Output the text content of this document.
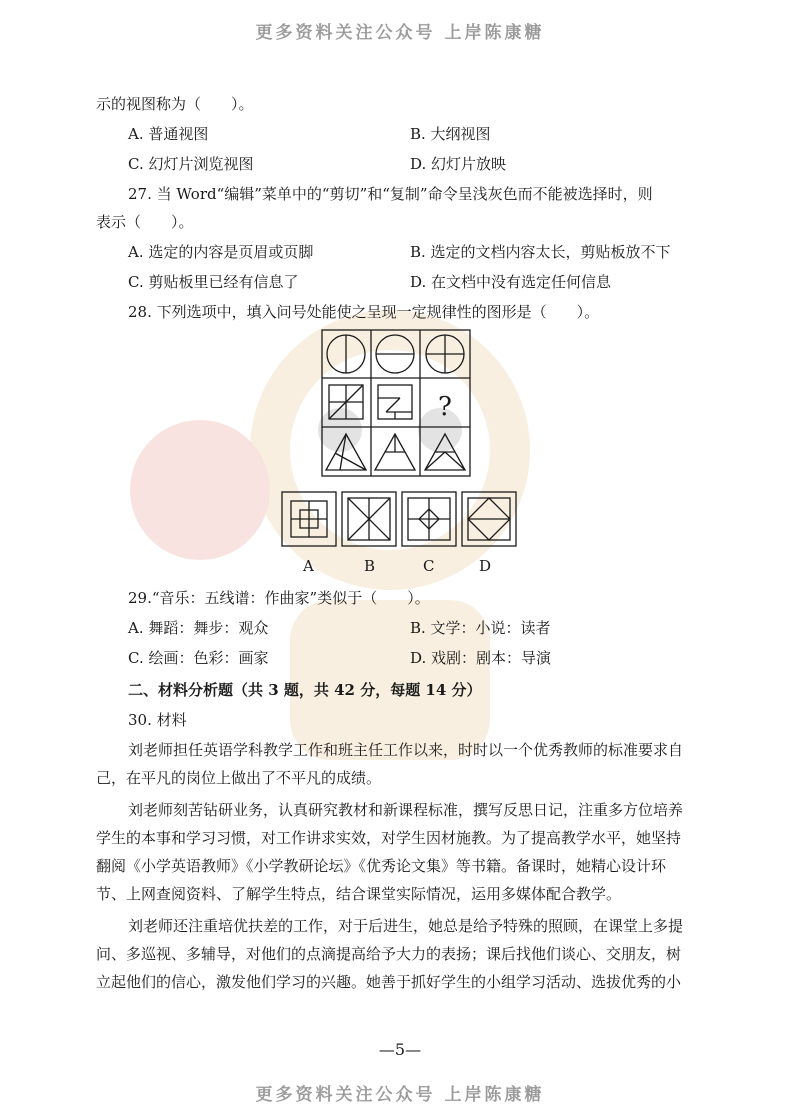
更多资料关注公众号 上岸陈康糖
示的视图称为（　　）。
A. 普通视图	B. 大纲视图
C. 幻灯片浏览视图	D. 幻灯片放映
27. 当 Word“编辑”菜单中的“剪切”和“复制”命令呈浅灰色而不能被选择时，则
表示（　　）。
A. 选定的内容是页眉或页脚	B. 选定的文档内容太长，剪贴板放不下
C. 剪贴板里已经有信息了	D. 在文档中没有选定任何信息
28. 下列选项中，填入问号处能使之呈现一定规律性的图形是（　　）。
?
A	B	C	D
29.“音乐：五线谱：作曲家”类似于（　　）。
A. 舞蹈：舞步：观众	B. 文学：小说：读者
C. 绘画：色彩：画家	D. 戏剧：剧本：导演
二、材料分析题（共 3 题，共 42 分，每题 14 分）
30. 材料
刘老师担任英语学科教学工作和班主任工作以来，时时以一个优秀教师的标准要求自
己，在平凡的岗位上做出了不平凡的成绩。
刘老师刻苦钻研业务，认真研究教材和新课程标准，撰写反思日记，注重多方位培养
学生的本事和学习习惯，对工作讲求实效，对学生因材施教。为了提高教学水平，她坚持
翻阅《小学英语教师》《小学教研论坛》《优秀论文集》等书籍。备课时，她精心设计环
节、上网查阅资料、了解学生特点，结合课堂实际情况，运用多媒体配合教学。
刘老师还注重培优扶差的工作，对于后进生，她总是给予特殊的照顾，在课堂上多提
问、多巡视、多辅导，对他们的点滴提高给予大力的表扬；课后找他们谈心、交朋友，树
立起他们的信心，激发他们学习的兴趣。她善于抓好学生的小组学习活动、选拔优秀的小
—5—
更多资料关注公众号 上岸陈康糖
